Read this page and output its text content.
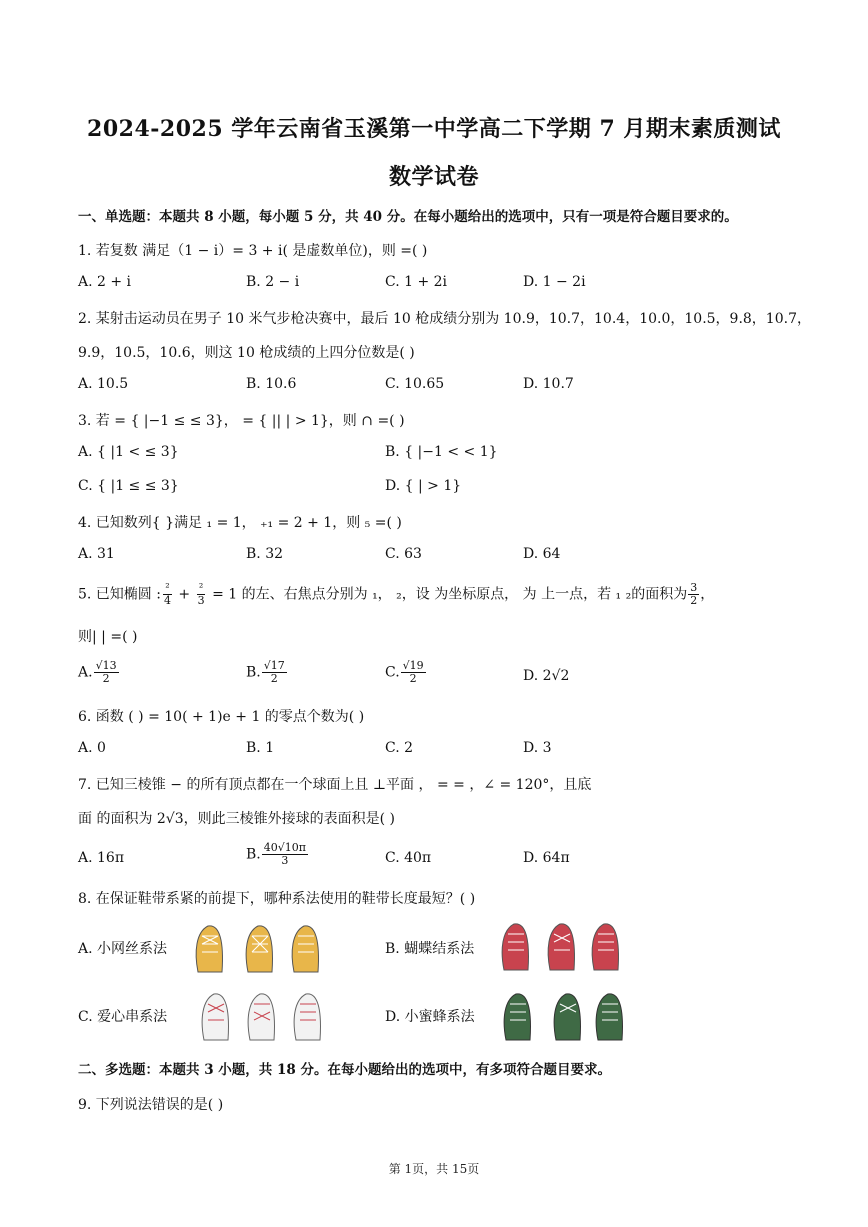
2024-2025 学年云南省玉溪第一中学高二下学期 7 月期末素质测试
数学试卷
一、单选题：本题共 8 小题，每小题 5 分，共 40 分。在每小题给出的选项中，只有一项是符合题目要求的。
1. 若复数 满足（1 − i）= 3 + i( 是虚数单位)，则 =( )
A. 2 + i	B. 2 − i	C. 1 + 2i	D. 1 − 2i
2. 某射击运动员在男子 10 米气步枪决赛中，最后 10 枪成绩分别为 10.9，10.7，10.4，10.0，10.5，9.8，10.7，
9.9，10.5，10.6，则这 10 枪成绩的上四分位数是( )
A. 10.5	B. 10.6	C. 10.65	D. 10.7
3. 若 = { |−1 ≤ ≤ 3}， = { || | > 1}，则 ∩ =( )
A. { |1 < ≤ 3}	B. { |−1 < < 1}
C. { |1 ≤ ≤ 3}	D. { | > 1}
4. 已知数列{ }满足 ₁ = 1， ₊₁ = 2 + 1，则 ₅ =( )
A. 31	B. 32	C. 63	D. 64
5. 已知椭圆 : $\frac{\text{²}}{4} + \frac{\text{²}}{3} = 1$ 的左、右焦点分别为 ₁， ₂，设 为坐标原点， 为 上一点，若 ₁ ₂的面积为 $\frac{3}{2}$ ，
则| | =( )
A. $\frac{√13}{2}$	B. $\frac{√17}{2}$	C. $\frac{√19}{2}$	D. 2√2
6. 函数 ( ) = 10( + 1)e + 1 的零点个数为( )
A. 0	B. 1	C. 2	D. 3
7. 已知三棱锥 − 的所有顶点都在一个球面上且 ⊥平面 ， = = ，∠ = 120°，且底
面 的面积为 2√3，则此三棱锥外接球的表面积是( )
A. 16π	B. $\frac{40√10\pi}{3}$	C. 40π	D. 64π
8. 在保证鞋带系紧的前提下，哪种系法使用的鞋带长度最短？( )
A. 小网丝系法	B. 蝴蝶结系法
C. 爱心串系法	D. 小蜜蜂系法
二、多选题：本题共 3 小题，共 18 分。在每小题给出的选项中，有多项符合题目要求。
9. 下列说法错误的是( )
第 1页，共 15页
